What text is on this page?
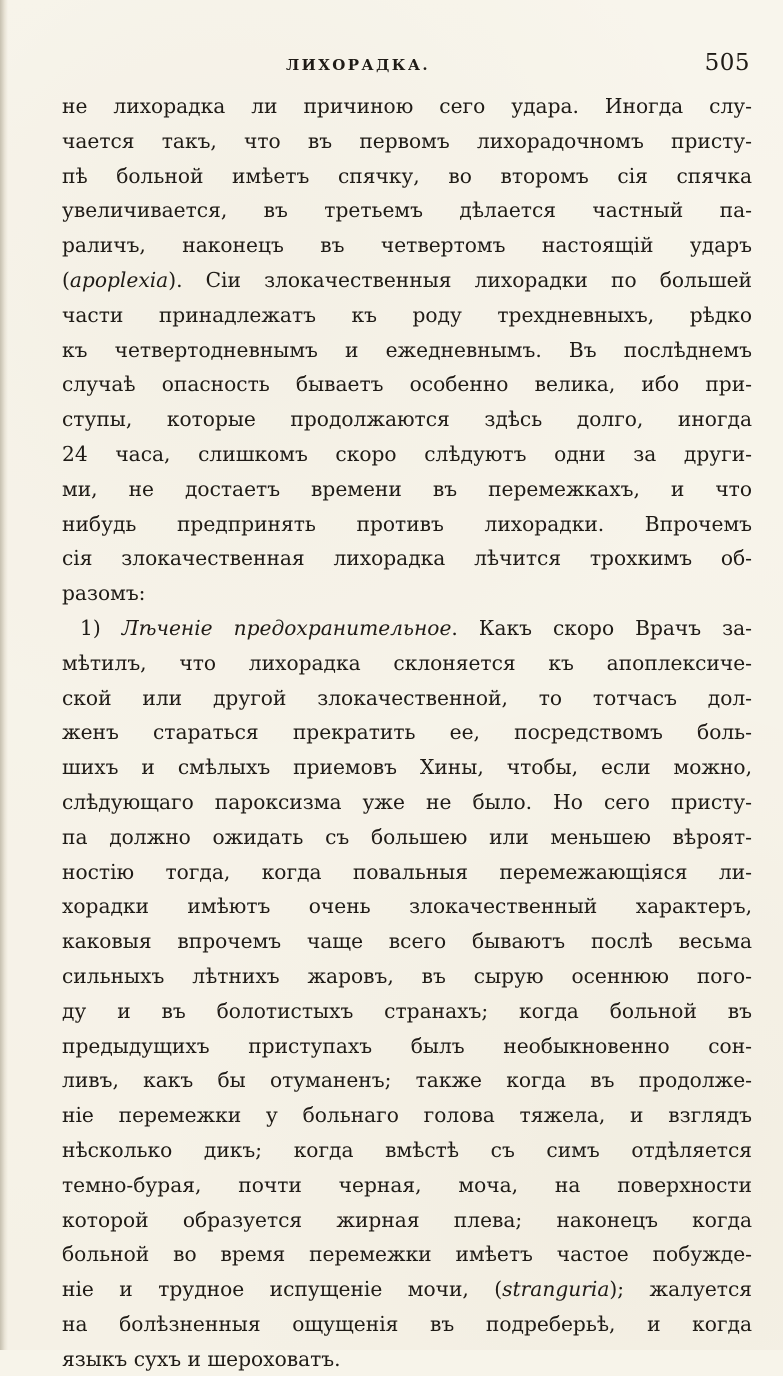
ЛИХОРАДКА.	505
не лихорадка ли причиною сего удара. Иногда слу-
чается такъ, что въ первомъ лихорадочномъ присту-
пѣ больной имѣетъ спячку, во второмъ сія спячка
увеличивается, въ третьемъ дѣлается частный па-
раличъ, наконецъ въ четвертомъ настоящій ударъ
(apoplexia). Сіи злокачественныя лихорадки по большей
части принадлежатъ къ роду трехдневныхъ, рѣдко
къ четвертодневнымъ и ежедневнымъ. Въ послѣднемъ
случаѣ опасность бываетъ особенно велика, ибо при-
ступы, которые продолжаются здѣсь долго, иногда
24 часа, слишкомъ скоро слѣдуютъ одни за други-
ми, не достаетъ времени въ перемежкахъ, и что
нибудь предпринять противъ лихорадки. Впрочемъ
сія злокачественная лихорадка лѣчится трохкимъ об-
разомъ:
1) Лѣченіе предохранительное. Какъ скоро Врачъ за-
мѣтилъ, что лихорадка склоняется къ апоплексиче-
ской или другой злокачественной, то тотчасъ дол-
женъ стараться прекратить ее, посредствомъ боль-
шихъ и смѣлыхъ приемовъ Хины, чтобы, если можно,
слѣдующаго пароксизма уже не было. Но сего присту-
па должно ожидать съ большею или меньшею вѣроят-
ностію тогда, когда повальныя перемежающіяся ли-
хорадки имѣютъ очень злокачественный характеръ,
каковыя впрочемъ чаще всего бываютъ послѣ весьма
сильныхъ лѣтнихъ жаровъ, въ сырую осеннюю пого-
ду и въ болотистыхъ странахъ; когда больной въ
предыдущихъ приступахъ былъ необыкновенно сон-
ливъ, какъ бы отуманенъ; также когда въ продолже-
ніе перемежки у больнаго голова тяжела, и взглядъ
нѣсколько дикъ; когда вмѣстѣ съ симъ отдѣляется
темно-бурая, почти черная, моча, на поверхности
которой образуется жирная плева; наконецъ когда
больной во время перемежки имѣетъ частое побужде-
ніе и трудное испущеніе мочи, (strangurіa); жалуется
на болѣзненныя ощущенія въ подреберьѣ, и когда
языкъ сухъ и шероховатъ.
